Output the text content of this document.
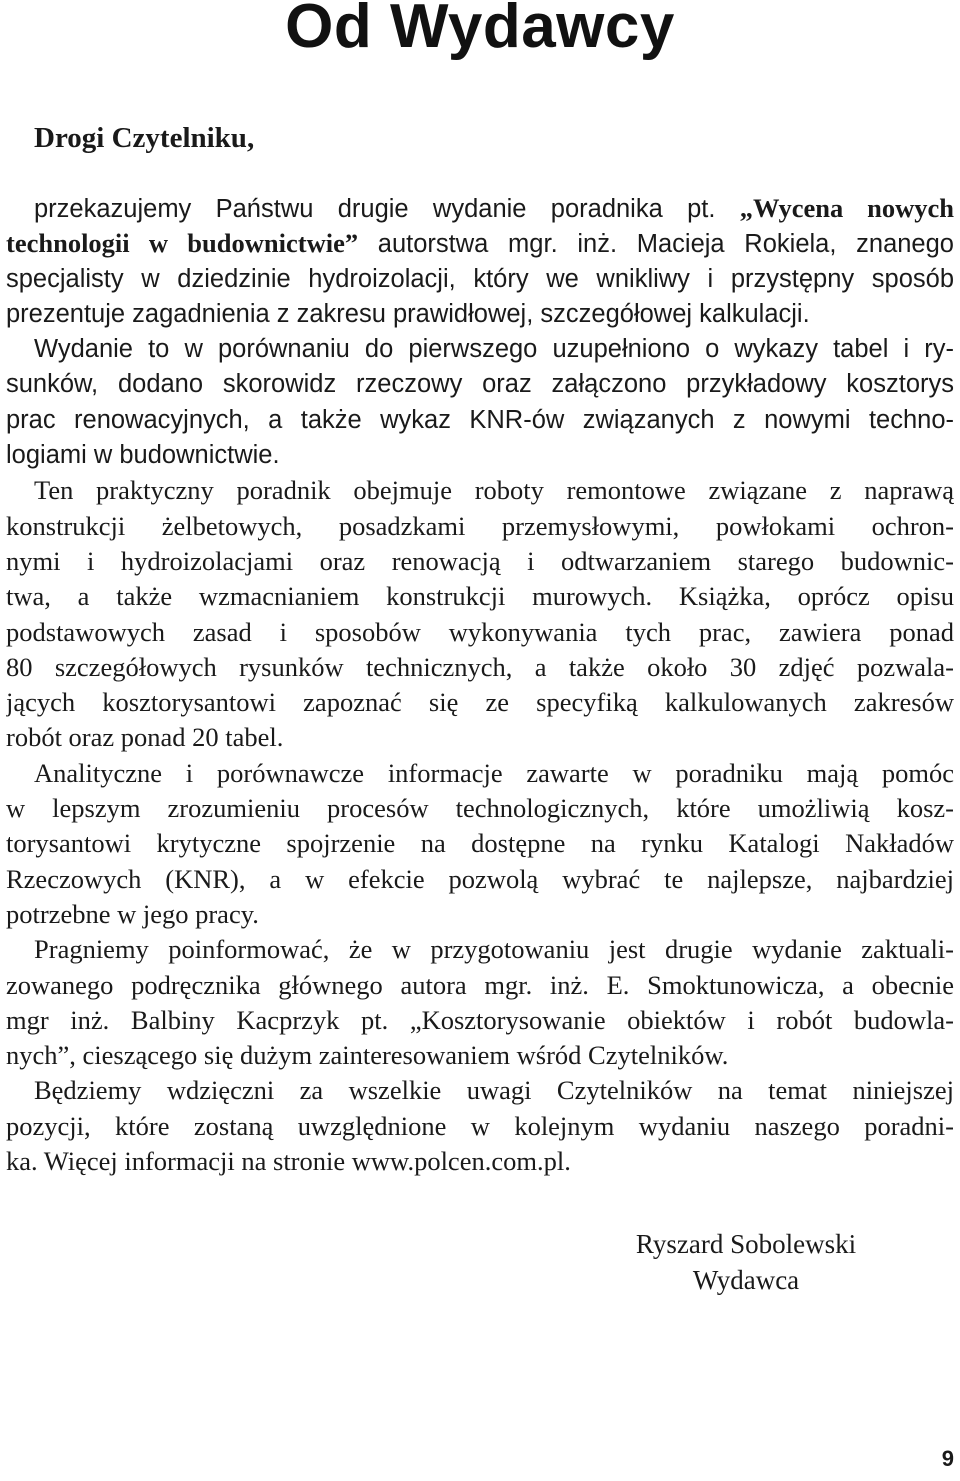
Od Wydawcy
Drogi Czytelniku,
przekazujemy Państwu drugie wydanie poradnika pt. „Wycena nowych
technologii w budownictwie” autorstwa mgr. inż. Macieja Rokiela, znanego
specjalisty w dziedzinie hydroizolacji, który we wnikliwy i przystępny sposób
prezentuje zagadnienia z zakresu prawidłowej, szczegółowej kalkulacji.
Wydanie to w porównaniu do pierwszego uzupełniono o wykazy tabel i ry-
sunków, dodano skorowidz rzeczowy oraz załączono przykładowy kosztorys
prac renowacyjnych, a także wykaz KNR-ów związanych z nowymi techno-
logiami w budownictwie.
Ten praktyczny poradnik obejmuje roboty remontowe związane z naprawą
konstrukcji żelbetowych, posadzkami przemysłowymi, powłokami ochron-
nymi i hydroizolacjami oraz renowacją i odtwarzaniem starego budownic-
twa, a także wzmacnianiem konstrukcji murowych. Książka, oprócz opisu
podstawowych zasad i sposobów wykonywania tych prac, zawiera ponad
80 szczegółowych rysunków technicznych, a także około 30 zdjęć pozwala-
jących kosztorysantowi zapoznać się ze specyfiką kalkulowanych zakresów
robót oraz ponad 20 tabel.
Analityczne i porównawcze informacje zawarte w poradniku mają pomóc
w lepszym zrozumieniu procesów technologicznych, które umożliwią kosz-
torysantowi krytyczne spojrzenie na dostępne na rynku Katalogi Nakładów
Rzeczowych (KNR), a w efekcie pozwolą wybrać te najlepsze, najbardziej
potrzebne w jego pracy.
Pragniemy poinformować, że w przygotowaniu jest drugie wydanie zaktuali-
zowanego podręcznika głównego autora mgr. inż. E. Smoktunowicza, a obecnie
mgr inż. Balbiny Kacprzyk pt. „Kosztorysowanie obiektów i robót budowla-
nych”, cieszącego się dużym zainteresowaniem wśród Czytelników.
Będziemy wdzięczni za wszelkie uwagi Czytelników na temat niniejszej
pozycji, które zostaną uwzględnione w kolejnym wydaniu naszego poradni-
ka. Więcej informacji na stronie www.polcen.com.pl.
Ryszard Sobolewski
Wydawca
9
